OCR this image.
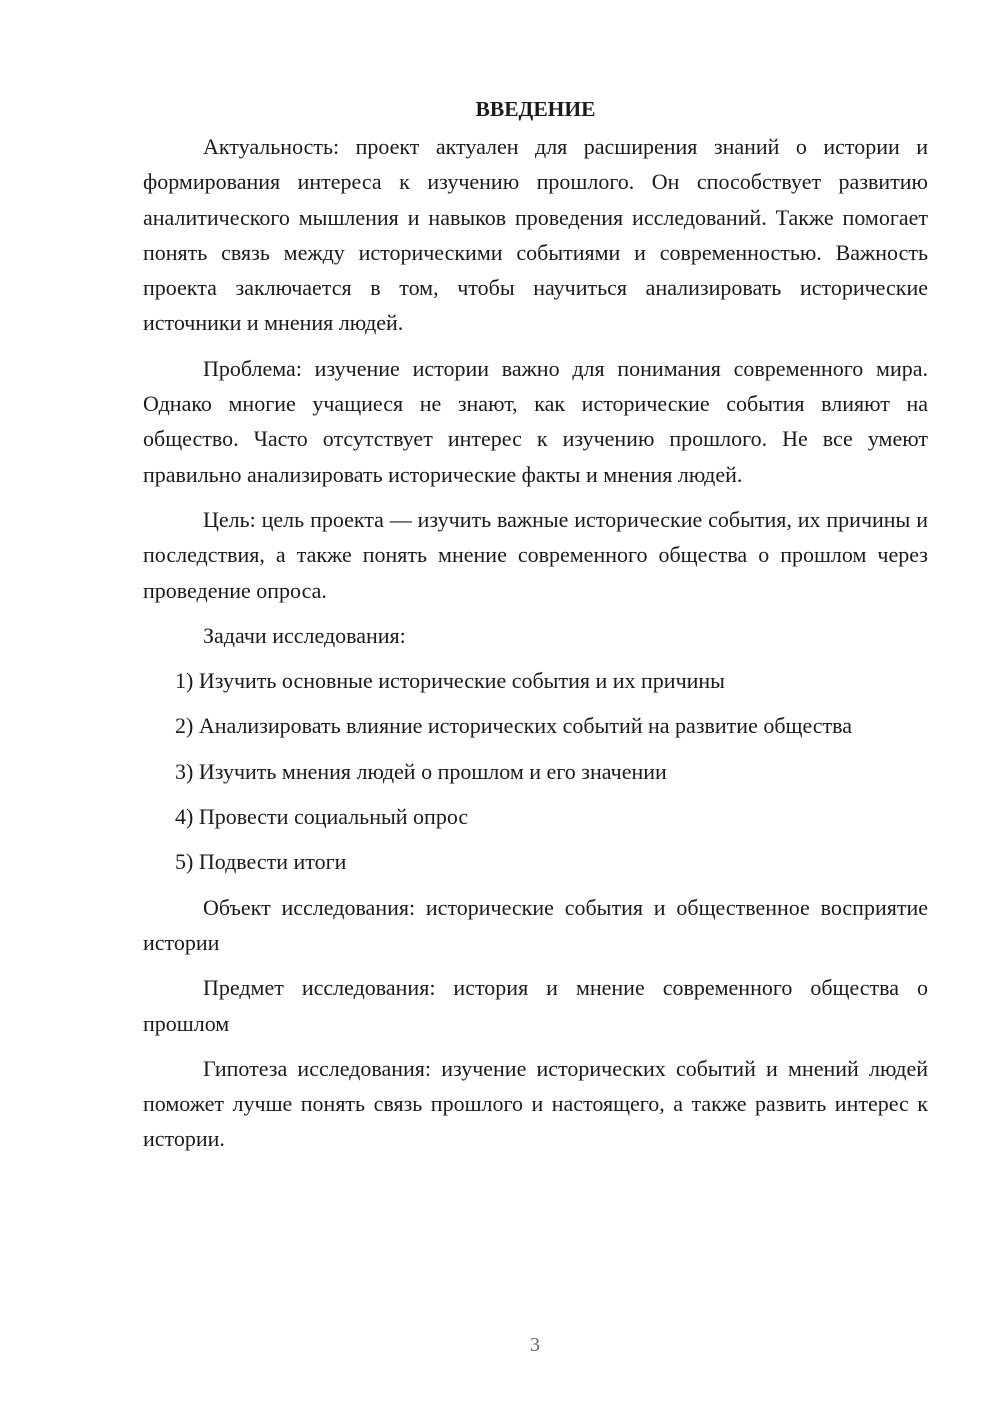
ВВЕДЕНИЕ

Актуальность: проект актуален для расширения знаний о истории и формирования интереса к изучению прошлого. Он способствует развитию аналитического мышления и навыков проведения исследований. Также помогает понять связь между историческими событиями и современностью. Важность проекта заключается в том, чтобы научиться анализировать исторические источники и мнения людей.

Проблема: изучение истории важно для понимания современного мира. Однако многие учащиеся не знают, как исторические события влияют на общество. Часто отсутствует интерес к изучению прошлого. Не все умеют правильно анализировать исторические факты и мнения людей.

Цель: цель проекта — изучить важные исторические события, их причины и последствия, а также понять мнение современного общества о прошлом через проведение опроса.

Задачи исследования:

1) Изучить основные исторические события и их причины

2) Анализировать влияние исторических событий на развитие общества

3) Изучить мнения людей о прошлом и его значении

4) Провести социальный опрос

5) Подвести итоги

Объект исследования: исторические события и общественное восприятие истории

Предмет исследования: история и мнение современного общества о прошлом

Гипотеза исследования: изучение исторических событий и мнений людей поможет лучше понять связь прошлого и настоящего, а также развить интерес к истории.

3
